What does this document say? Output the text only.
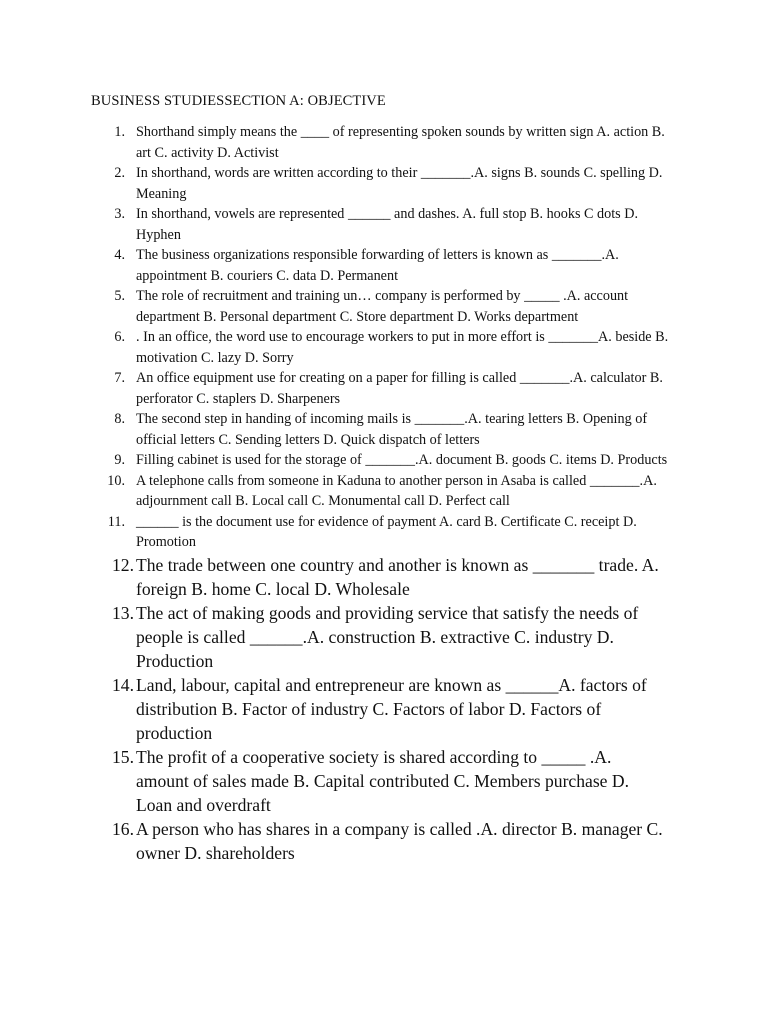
BUSINESS STUDIESSECTION A: OBJECTIVE
1. Shorthand simply means the ____ of representing spoken sounds by written sign A. action B. art C. activity D. Activist
2. In shorthand, words are written according to their _______.A. signs B. sounds C. spelling D. Meaning
3. In shorthand, vowels are represented ______ and dashes. A. full stop B. hooks C dots D. Hyphen
4. The business organizations responsible forwarding of letters is known as _______.A. appointment B. couriers C. data D. Permanent
5. The role of recruitment and training un… company is performed by _____ .A. account department B. Personal department C. Store department D. Works department
6. . In an office, the word use to encourage workers to put in more effort is _______A. beside B. motivation C. lazy D. Sorry
7. An office equipment use for creating on a paper for filling is called _______.A. calculator B. perforator C. staplers D. Sharpeners
8. The second step in handing of incoming mails is _______.A. tearing letters B. Opening of official letters C. Sending letters D. Quick dispatch of letters
9. Filling cabinet is used for the storage of _______.A. document B. goods C. items D. Products
10. A telephone calls from someone in Kaduna to another person in Asaba is called _______.A. adjournment call B. Local call C. Monumental call D. Perfect call
11. ______ is the document use for evidence of payment A. card B. Certificate C. receipt D. Promotion
12. The trade between one country and another is known as _______ trade. A. foreign B. home C. local D. Wholesale
13. The act of making goods and providing service that satisfy the needs of people is called ______.A. construction B. extractive C. industry D. Production
14. Land, labour, capital and entrepreneur are known as ______A. factors of distribution B. Factor of industry C. Factors of labor D. Factors of production
15. The profit of a cooperative society is shared according to _____ .A. amount of sales made B. Capital contributed C. Members purchase D. Loan and overdraft
16. A person who has shares in a company is called .A. director B. manager C. owner D. shareholders
